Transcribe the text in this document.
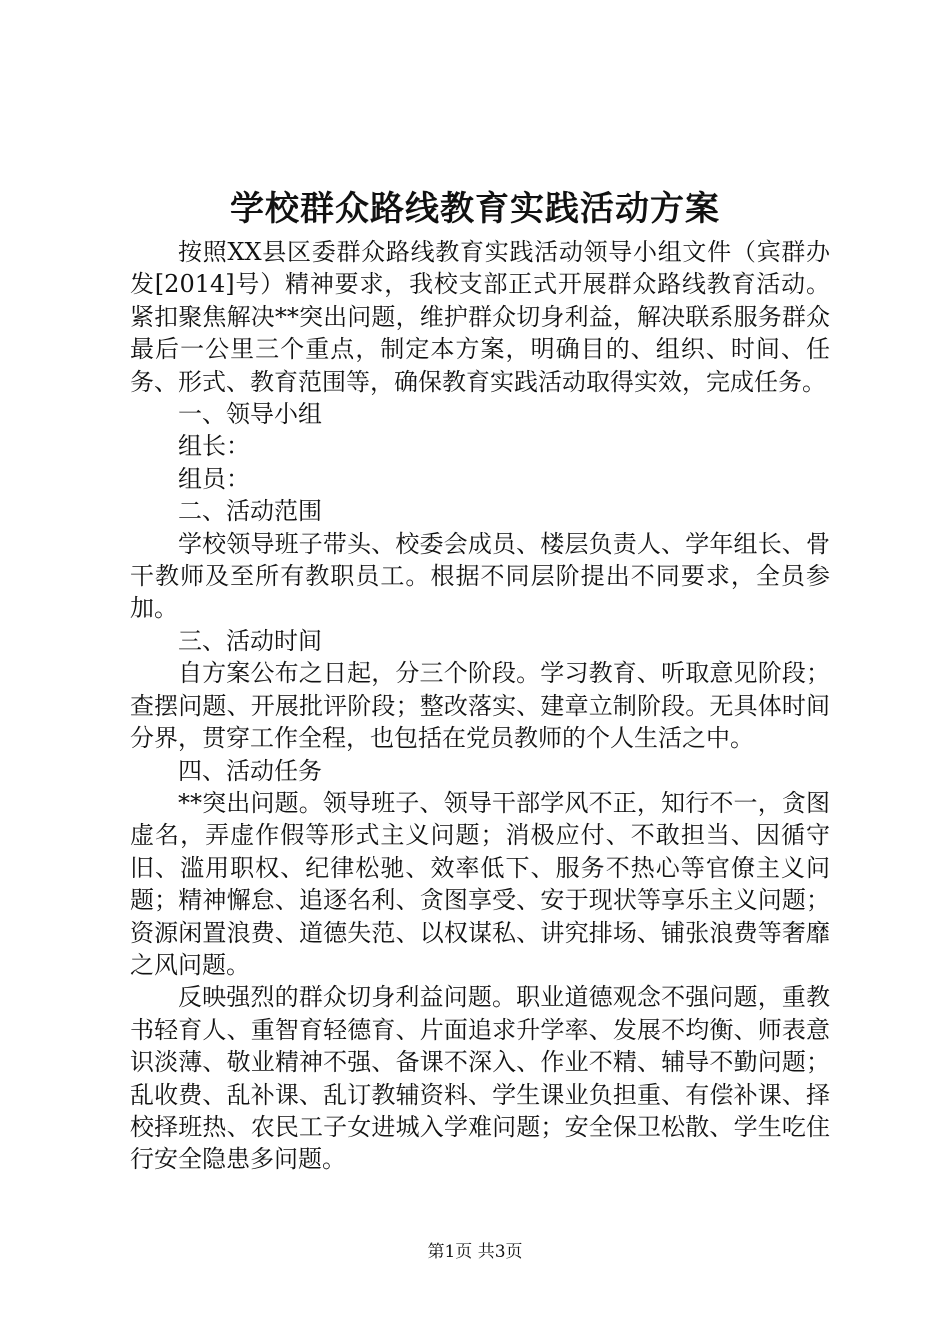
学校群众路线教育实践活动方案

按照XX县区委群众路线教育实践活动领导小组文件（宾群办发[2014]号）精神要求，我校支部正式开展群众路线教育活动。紧扣聚焦解决**突出问题，维护群众切身利益，解决联系服务群众最后一公里三个重点，制定本方案，明确目的、组织、时间、任务、形式、教育范围等，确保教育实践活动取得实效，完成任务。

一、领导小组

组长：

组员：

二、活动范围

学校领导班子带头、校委会成员、楼层负责人、学年组长、骨干教师及至所有教职员工。根据不同层阶提出不同要求，全员参加。

三、活动时间

自方案公布之日起，分三个阶段。学习教育、听取意见阶段；查摆问题、开展批评阶段；整改落实、建章立制阶段。无具体时间分界，贯穿工作全程，也包括在党员教师的个人生活之中。

四、活动任务

**突出问题。领导班子、领导干部学风不正，知行不一，贪图虚名，弄虚作假等形式主义问题；消极应付、不敢担当、因循守旧、滥用职权、纪律松驰、效率低下、服务不热心等官僚主义问题；精神懈怠、追逐名利、贪图享受、安于现状等享乐主义问题；资源闲置浪费、道德失范、以权谋私、讲究排场、铺张浪费等奢靡之风问题。

反映强烈的群众切身利益问题。职业道德观念不强问题，重教书轻育人、重智育轻德育、片面追求升学率、发展不均衡、师表意识淡薄、敬业精神不强、备课不深入、作业不精、辅导不勤问题；乱收费、乱补课、乱订教辅资料、学生课业负担重、有偿补课、择校择班热、农民工子女进城入学难问题；安全保卫松散、学生吃住行安全隐患多问题。

第1页 共3页
